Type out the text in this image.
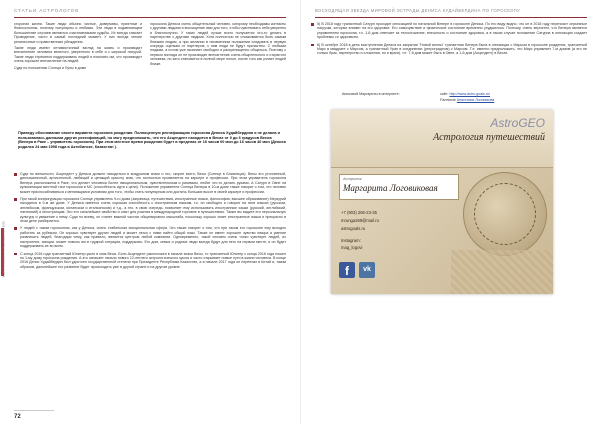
СТАТЬИ АСТРОЛОГОВ

сторонах жизни. Такие люди обычно чистые, доверчивы, приятные и благосклонны, поэтому популярны и любимы. Эти люди в подавляющем большинстве случаев являются счастливчиками судьбы. Их всегда спасает Провидение, часто в самый последний момент. У них всегда четкие религиозные и нравственные убеждения.

Такие люди имеют оптимистичный взгляд на жизнь и производят впечатление человека веселого, уверенного в себе и с широкой натурой. Такие люди стремятся поддерживать людей и помогать им, что производит очень хорошее впечатление на людей.

Судя по положению Солнца и Луны в доме

гороскопа Дениса очень общительный человек, которому необходимы контакты с другими людьми и восхищение ими для того, чтобы чувствовать себя уверенно и благополучно. У таких людей лучше всего получается что-то делать в партнерстве с другими людьми. Хотя полностью не отказываются быть самым близким людям, а при желании в неизменном положении следовать в первую очередь оценкам от партнеров, к ним люди не будут причастны. С любыми людьми, а потом уже начинает свободно и раскрепощенно общаться. Поэтому с первого взгляда он не производит впечатление очень общительного и открытого человека, но зато становится в полной мере полон, после того как узнает людей ближе.

Приведу обоснование своего варианта гороскопа рождения. Полноценную ректификацию гороскопа Дениса Худайбердина я не делала и пользовалась данными других ректификаций, но могу предположить, что его Асцендент находится в Весах от 0 до 6 градусов Весов (Венера в Раке – управитель гороскопа). При этом местное время рождения будет в пределах от 16 часов 00 мин до 16 часов 40 мин (Дениса родился 24 мая 1998 года в Актобинске, Казахстан ).
Судя по внешности, Асцендент у Дениса должен находиться в воздушном знаке и это, скорее всего, Весы (Солнце в Близнецах). Весы это утонченный, дипломатичный, артистичный, любящий и ценящий красоту знак, что полностью проявляется на карьере и профессии. При этом управитель гороскопа Венера расположена в Раке, что делает человека более эмоциональным, чувствительным и ранимым, любят что-то делать руками. А Сатурн в Овне на кульминации местной тяги гороскопа в МС (способность идти к цели). Положение управителя Солнца Венеры в 10-м доме также говорит о том, что человек может приспосабливаться к меняющимся условиям для того, чтобы стать популярным или достичь больших высот в своей карьере и профессии.
При такой конфигурации гороскопа Солнце управитель 9-го дома (заграница, путешествия, иностранные языки, философия, высшее образование) Меркурий находится в 9-м же доме. У Дениса имеется очень хорошая способность к иностранным языкам, т.к. он свободно и говорит на пяти языках (русском, английском, французском, испанском и итальянском) и т.д., а это, в свою очередь, позволяет ему использовать иностранные языки (русский, английский, латинский) и иностранцам. Это его сильнейшее свойство и опыт для участия в международной торговле в путешествиях. Также вы видите его персональную культуру и уважение к нему. Судя по всему, он станет важной частью общемирового масштаба, поскольку хорошо знает иностранные языки и прекрасно в этом деле разбирается.
У людей с таким гороскопом, как у Дениса, очень стабильная эмоциональная сфера. Что также говорит о том, что при таком его гороскопе ему выгодно работать за рубежом. Он хорошо чувствует других людей и может легко с ними найти общий язык. Также он имеет хорошее чувство юмора и умение развлекать людей, благодаря чему, как правило, является центром любой компании. Одновременно, такой человек очень тонко чувствует людей, их настроение, эмоции, может помочь им в трудной ситуации, поддержать. Его дом, семья и родные люди всегда будут для него на первом месте, и он будет поддерживать их во всем.
С конца 2016 года транзитный Юпитер ушел в знак Весы. Если Асцендент расположен в начале знака Весы, то транзитный Юпитер с конца 2016 года пошел по 1-му дому гороскопа рождения. А это означает начало нового 12-летнего астрологического цикла и часто открывает новые пути в жизни человека. В конце 2016 Денис Худайбердин был удостоен государственной степени при Президенте Республики Казахстан, а в начале 2017 года он переехал в Китай и, таким образом, дальнейшее его развитие будет происходить уже в другой стране и на другом уровне.
Журнал «Астрология путешествий» № 3, 2019
72
ВОСХОДЯЩАЯ ЗВЕЗДА МИРОВОЙ ЭСТРАДЫ ДЕНИСА КУДАЙБЕРДИНА ПО ГОРОСКОПУ
5) В 2018 году транзитный Сатурн проходит оппозицией по натальной Венере в гороскопе Дениса. По его виду видно, что он в 2018 году переносит серьезные нагрузки, которые влияют на его здоровье. Его самочувствие и физическое состояние временно ухудшилось. Поэтому, очень вероятно, что Венера является управителем гороскопа, т.к. 1-й дом отвечает за телосложение, внешность и состояние здоровья, а в таком случае положение Сатурна в оппозиции создает проблемы со здоровьем.
6) В октябре 2018 в день выступления Дениса на закрытии "Новой волны" транзитная Венера была в оппозиции с Марсом в гороскопе рождения, транзитный Марс в квадрате с Марсом, а транзитный Уран в соединении (ретроградном) с Марсом. Т.е. именно предположить, что Марс управляет 7-м домом (а это не только брак, партнерство и сложения, но и враги), т.е. 7-й дом может быть в Овне, а 1-й дом (Асцендент) в Весах.
Анисовой Маргариты в интернете:	сайт: http://www.astro-goals.ru/
Facebook Анастасия Логовикова
AstroGEO
Астрология путешествий
Астролог
Маргарита Логовиковая
+7 (903) 266-23-35
mrunga269@mail.ru
astrogoals.ru
Instagram:
mag_logovi
f	vk
